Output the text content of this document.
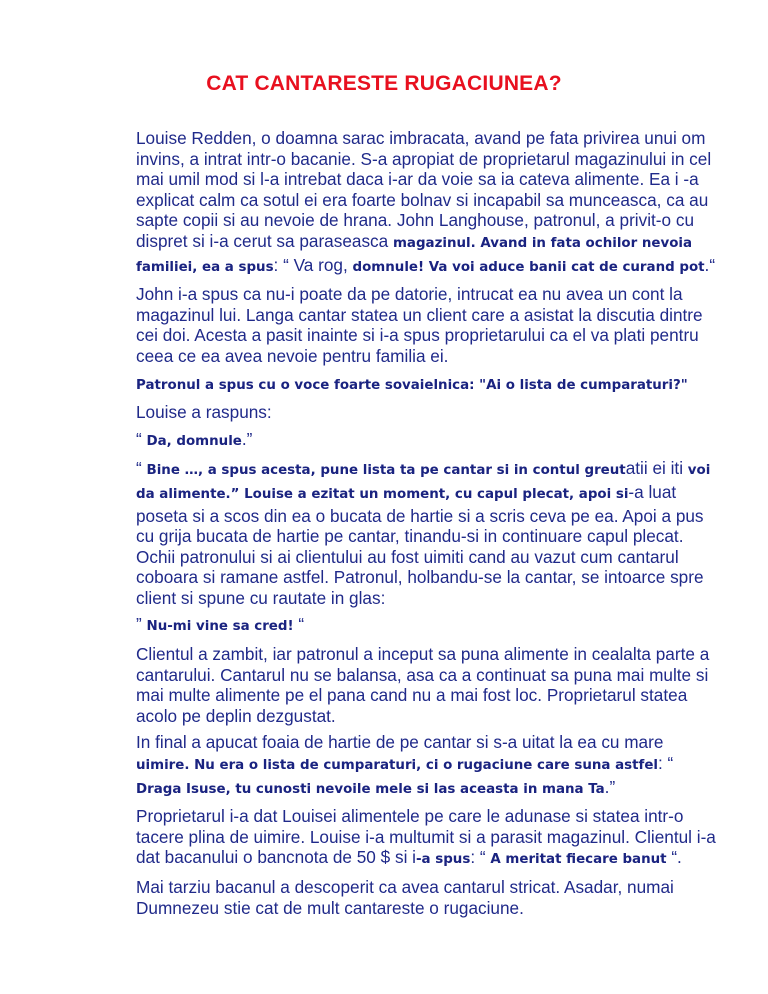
CAT CANTARESTE RUGACIUNEA?

Louise Redden, o doamna sarac imbracata, avand pe fata privirea unui om invins, a intrat intr-o bacanie. S-a apropiat de proprietarul magazinului in cel mai umil mod si l-a intrebat daca i-ar da voie sa ia cateva alimente. Ea i -a explicat calm ca sotul ei era foarte bolnav si incapabil sa munceasca, ca au sapte copii si au nevoie de hrana. John Langhouse, patronul, a privit-o cu dispret si i-a cerut sa paraseasca magazinul. Avand in fata ochilor nevoia familiei, ea a spus: “ Va rog, domnule! Va voi aduce banii cat de curand pot.“

John i-a spus ca nu-i poate da pe datorie, intrucat ea nu avea un cont la magazinul lui. Langa cantar statea un client care a asistat la discutia dintre cei doi. Acesta a pasit inainte si i-a spus proprietarului ca el va plati pentru ceea ce ea avea nevoie pentru familia ei.

Patronul a spus cu o voce foarte sovaielnica: "Ai o lista de cumparaturi?"

Louise a raspuns:

“ Da, domnule.”

“ Bine …, a spus acesta, pune lista ta pe cantar si in contul greutatii ei iti voi da alimente.” Louise a ezitat un moment, cu capul plecat, apoi si-a luat poseta si a scos din ea o bucata de hartie si a scris ceva pe ea. Apoi a pus cu grija bucata de hartie pe cantar, tinandu-si in continuare capul plecat. Ochii patronului si ai clientului au fost uimiti cand au vazut cum cantarul coboara si ramane astfel. Patronul, holbandu-se la cantar, se intoarce spre client si spune cu rautate in glas:

” Nu-mi vine sa cred! “

Clientul a zambit, iar patronul a inceput sa puna alimente in cealalta parte a cantarului. Cantarul nu se balansa, asa ca a continuat sa puna mai multe si mai multe alimente pe el pana cand nu a mai fost loc. Proprietarul statea acolo pe deplin dezgustat.

In final a apucat foaia de hartie de pe cantar si s-a uitat la ea cu mare uimire. Nu era o lista de cumparaturi, ci o rugaciune care suna astfel: “ Draga Isuse, tu cunosti nevoile mele si las aceasta in mana Ta.”

Proprietarul i-a dat Louisei alimentele pe care le adunase si statea intr-o tacere plina de uimire. Louise i-a multumit si a parasit magazinul. Clientul i-a dat bacanului o bancnota de 50 $ si i-a spus: “ A meritat fiecare banut “.

Mai tarziu bacanul a descoperit ca avea cantarul stricat. Asadar, numai Dumnezeu stie cat de mult cantareste o rugaciune.
